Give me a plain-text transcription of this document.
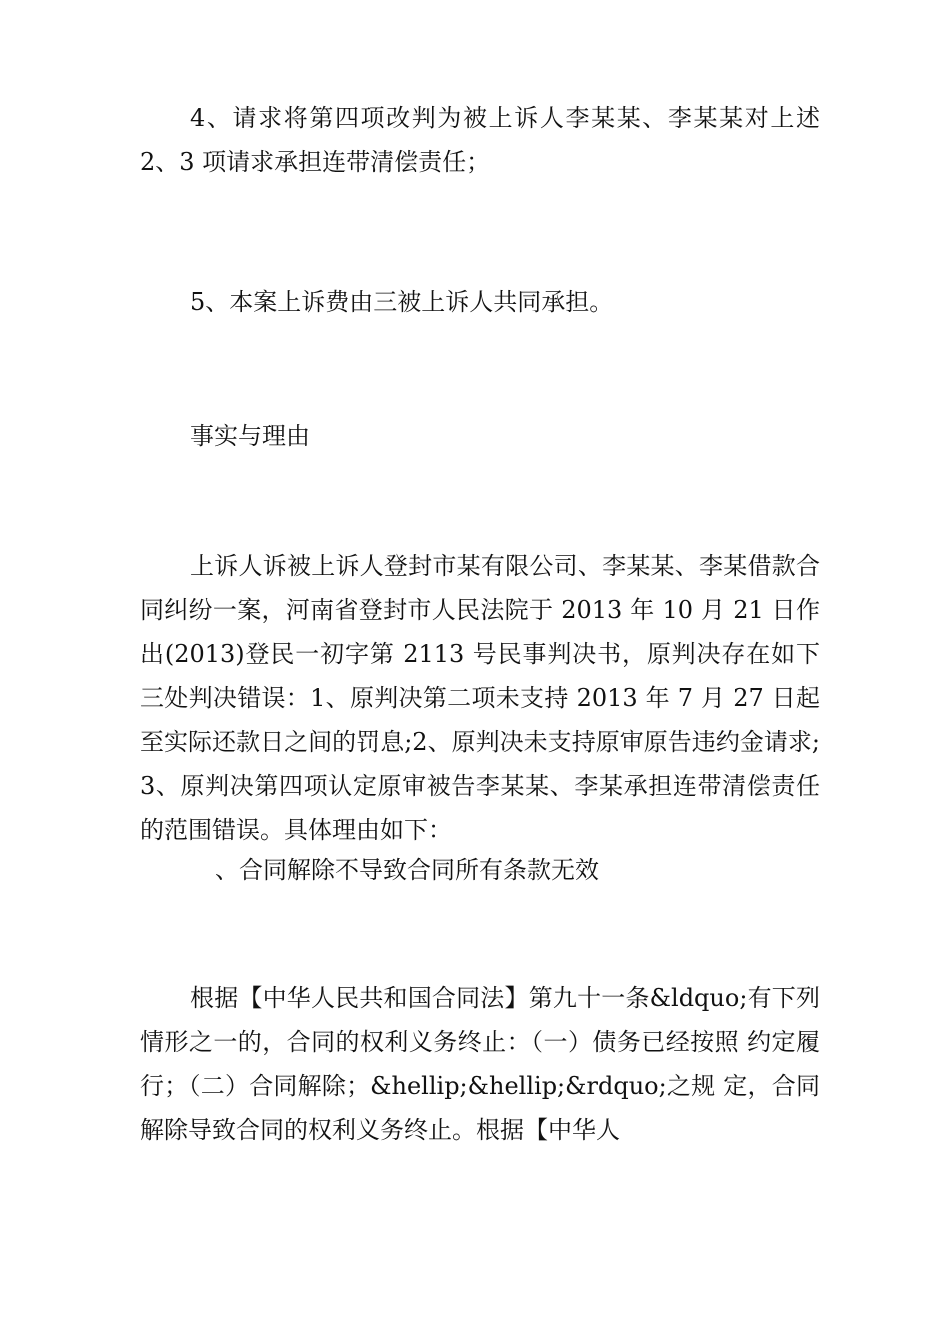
4、请求将第四项改判为被上诉人李某某、李某某对上述 2、3 项请求承担连带清偿责任；
5、本案上诉费由三被上诉人共同承担。
事实与理由
上诉人诉被上诉人登封市某有限公司、李某某、李某借款合同纠纷一案，河南省登封市人民法院于 2013 年 10 月 21 日作出(2013)登民一初字第 2113 号民事判决书，原判决存在如下三处判决错误：1、原判决第二项未支持 2013 年 7 月 27 日起至实际还款日之间的罚息;2、原判决未支持原审原告违约金请求;3、原判决第四项认定原审被告李某某、李某承担连带清偿责任的范围错误。具体理由如下：
、合同解除不导致合同所有条款无效
根据【中华人民共和国合同法】第九十一条&ldquo;有下列情形之一的，合同的权利义务终止：（一）债务已经按照 约定履行；（二）合同解除；&hellip;&hellip;&rdquo;之规 定，合同解除导致合同的权利义务终止。根据【中华人
